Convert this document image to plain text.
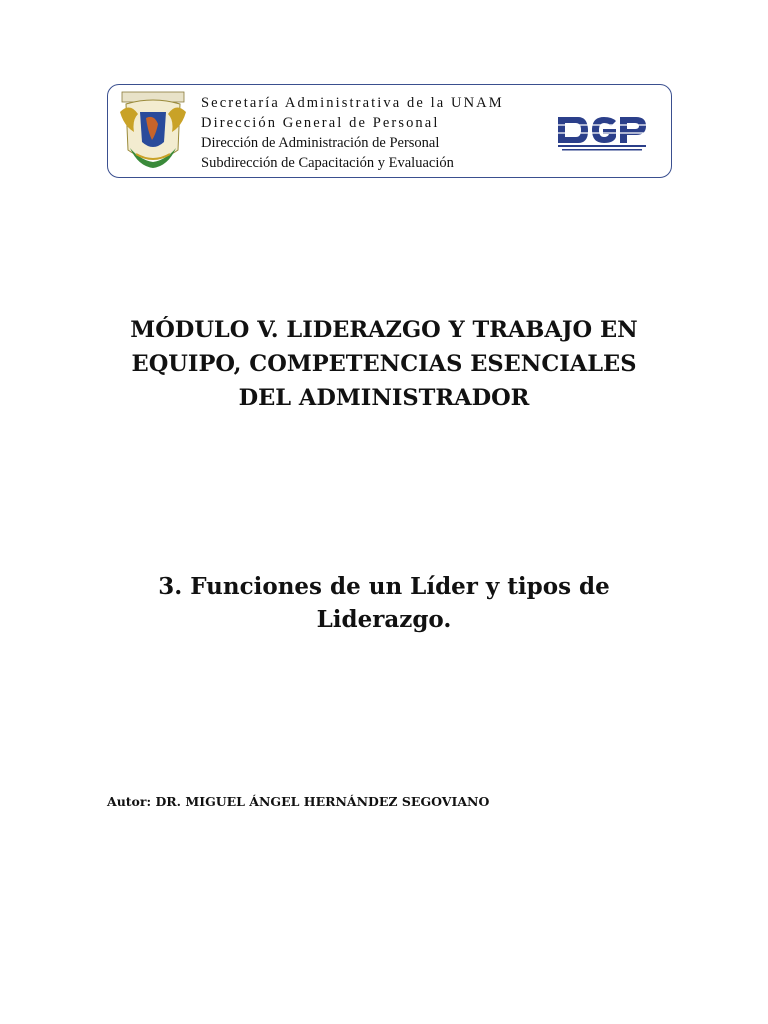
Secretaría Administrativa de la UNAM
Dirección General de Personal
Dirección de Administración de Personal
Subdirección de Capacitación y Evaluación
MÓDULO V. LIDERAZGO Y TRABAJO EN
EQUIPO, COMPETENCIAS ESENCIALES
DEL ADMINISTRADOR
3. Funciones de un Líder y tipos de
Liderazgo.
Autor: DR. MIGUEL ÁNGEL HERNÁNDEZ SEGOVIANO
